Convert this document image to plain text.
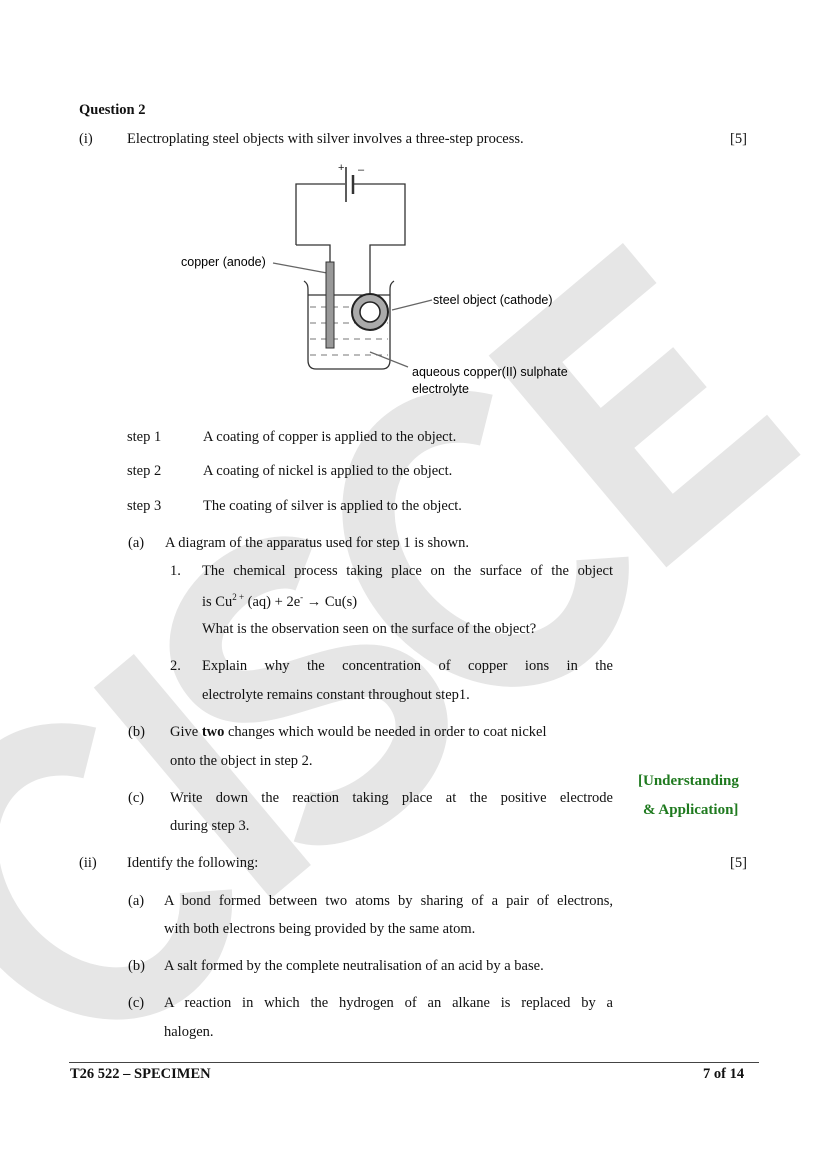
Question 2
(i) Electroplating steel objects with silver involves a three-step process.	[5]
+ –
copper (anode)
steel object (cathode)
aqueous copper(II) sulphate
electrolyte
step 1	A coating of copper is applied to the object.
step 2	A coating of nickel is applied to the object.
step 3	The coating of silver is applied to the object.
(a) A diagram of the apparatus used for step 1 is shown.
1. The chemical process taking place on the surface of the object
is $Cu^{2 +}$ (aq) + 2e- → Cu(s)
What is the observation seen on the surface of the object?
2. Explain why the concentration of copper ions in the
electrolyte remains constant throughout step1.
(b) Give two changes which would be needed in order to coat nickel
onto the object in step 2.
[Understanding
& Application]
(c) Write down the reaction taking place at the positive electrode
during step 3.
(ii) Identify the following:	[5]
(a) A bond formed between two atoms by sharing of a pair of electrons,
with both electrons being provided by the same atom.
(b) A salt formed by the complete neutralisation of an acid by a base.
(c) A reaction in which the hydrogen of an alkane is replaced by a
halogen.
T26 522 – SPECIMEN	7 of 14
